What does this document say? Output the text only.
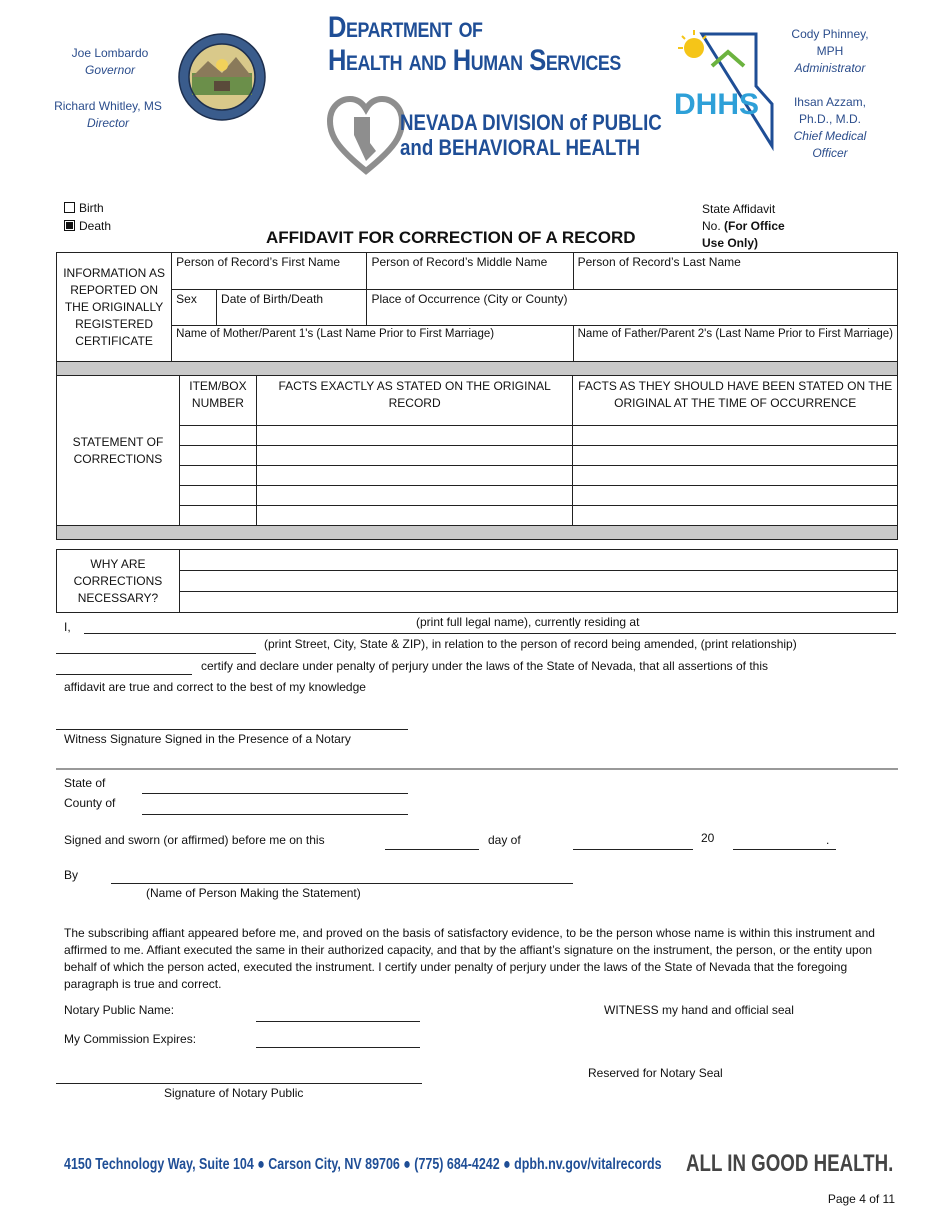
Joe Lombardo
Governor
Richard Whitley, MS
Director
Department of
Health and Human Services
NEVADA DIVISION of PUBLIC
and BEHAVIORAL HEALTH
DHHS
Cody Phinney, MPH
Administrator
Ihsan Azzam, Ph.D., M.D.
Chief Medical Officer
Birth
Death
AFFIDAVIT FOR CORRECTION OF A RECORD
State Affidavit
No. (For Office
Use Only)
INFORMATION AS REPORTED ON THE ORIGINALLY REGISTERED CERTIFICATE	Person of Record’s First Name		Person of Record’s Middle Name	Person of Record’s Last Name
	Sex	Date of Birth/Death	Place of Occurrence (City or County)	
	Name of Mother/Parent 1's (Last Name Prior to First Marriage)			Name of Father/Parent 2's (Last Name Prior to First Marriage)

STATEMENT OF CORRECTIONS	ITEM/BOX NUMBER	FACTS EXACTLY AS STATED ON THE ORIGINAL RECORD	FACTS AS THEY SHOULD HAVE BEEN STATED ON THE ORIGINAL AT THE TIME OF OCCURRENCE

WHY ARE CORRECTIONS NECESSARY?	

I,	(print full legal name), currently residing at
(print Street, City, State & ZIP), in relation to the person of record being amended, (print relationship)
certify and declare under penalty of perjury under the laws of the State of Nevada, that all assertions of this
affidavit are true and correct to the best of my knowledge
Witness Signature Signed in the Presence of a Notary
State of
County of
Signed and sworn (or affirmed) before me on this	day of	20	.
By
(Name of Person Making the Statement)
The subscribing affiant appeared before me, and proved on the basis of satisfactory evidence, to be the person whose name is within this instrument and affirmed to me. Affiant executed the same in their authorized capacity, and that by the affiant’s signature on the instrument, the person, or the entity upon behalf of which the person acted, executed the instrument. I certify under penalty of perjury under the laws of the State of Nevada that the foregoing paragraph is true and correct.
Notary Public Name:	WITNESS my hand and official seal
My Commission Expires:
Reserved for Notary Seal
Signature of Notary Public
4150 Technology Way, Suite 104 ● Carson City, NV 89706 ● (775) 684-4242 ● dpbh.nv.gov/vitalrecords ALL IN GOOD HEALTH.
Page 4 of 11
